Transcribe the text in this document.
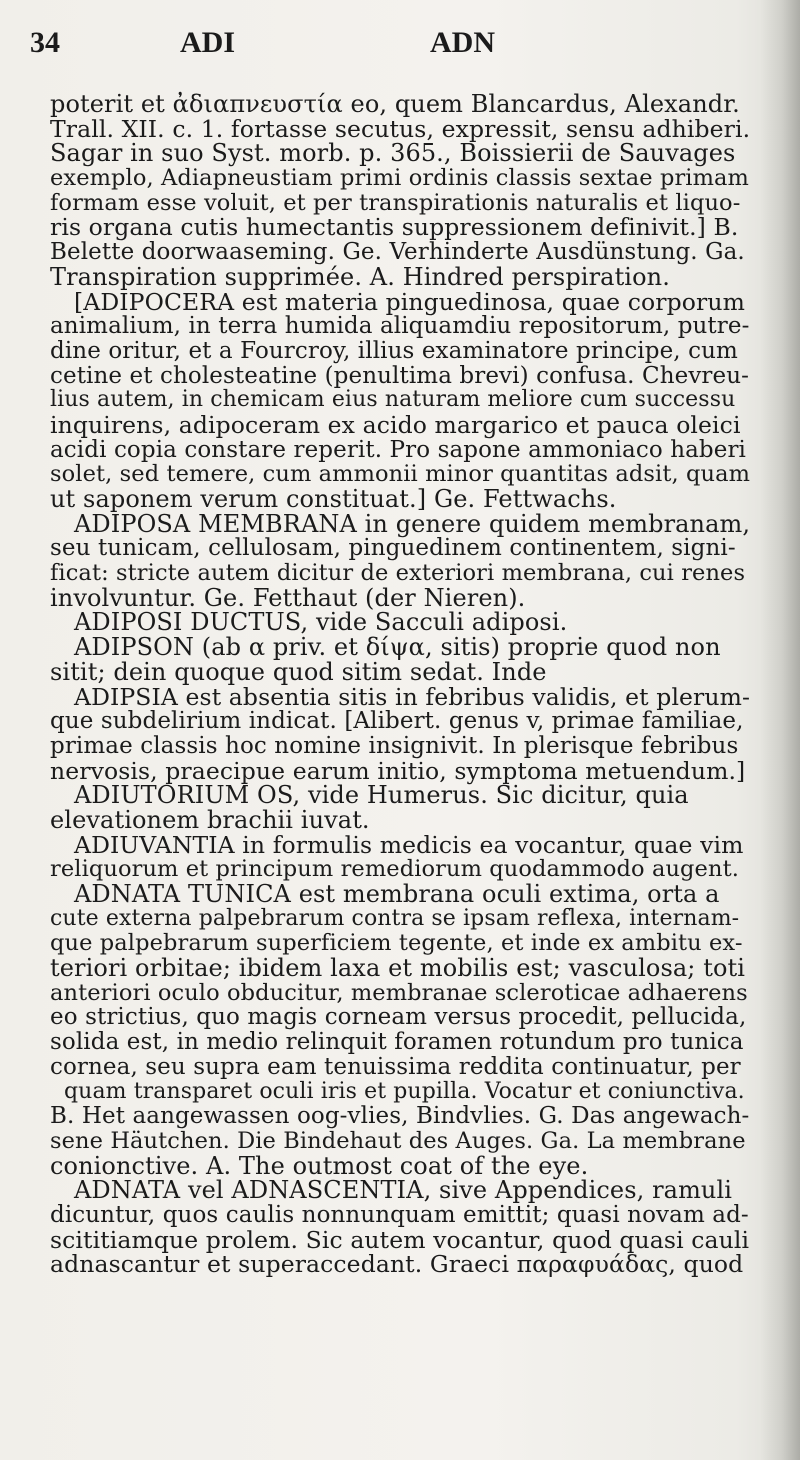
34	ADI	ADN
poterit et ἀδιαπνευστία eo, quem Blancardus, Alexandr.
Trall. XII. c. 1. fortasse secutus, expressit, sensu adhiberi.
Sagar in suo Syst. morb. p. 365., Boissierii de Sauvages
exemplo, Adiapneustiam primi ordinis classis sextae primam
formam esse voluit, et per transpirationis naturalis et liquo-
ris organa cutis humectantis suppressionem definivit.] B.
Belette doorwaaseming. Ge. Verhinderte Ausdünstung. Ga.
Transpiration supprimée. A. Hindred perspiration.
[ADIPOCERA est materia pinguedinosa, quae corporum
animalium, in terra humida aliquamdiu repositorum, putre-
dine oritur, et a Fourcroy, illius examinatore principe, cum
cetine et cholesteatine (penultima brevi) confusa. Chevreu-
lius autem, in chemicam eius naturam meliore cum successu
inquirens, adipoceram ex acido margarico et pauca oleici
acidi copia constare reperit. Pro sapone ammoniaco haberi
solet, sed temere, cum ammonii minor quantitas adsit, quam
ut saponem verum constituat.] Ge. Fettwachs.
ADIPOSA MEMBRANA in genere quidem membranam,
seu tunicam, cellulosam, pinguedinem continentem, signi-
ficat: stricte autem dicitur de exteriori membrana, cui renes
involvuntur. Ge. Fetthaut (der Nieren).
ADIPOSI DUCTUS, vide Sacculi adiposi.
ADIPSON (ab α priv. et δίψα, sitis) proprie quod non
sitit; dein quoque quod sitim sedat. Inde
ADIPSIA est absentia sitis in febribus validis, et plerum-
que subdelirium indicat. [Alibert. genus v, primae familiae,
primae classis hoc nomine insignivit. In plerisque febribus
nervosis, praecipue earum initio, symptoma metuendum.]
ADIUTORIUM OS, vide Humerus. Sic dicitur, quia
elevationem brachii iuvat.
ADIUVANTIA in formulis medicis ea vocantur, quae vim
reliquorum et principum remediorum quodammodo augent.
ADNATA TUNICA est membrana oculi extima, orta a
cute externa palpebrarum contra se ipsam reflexa, internam-
que palpebrarum superficiem tegente, et inde ex ambitu ex-
teriori orbitae; ibidem laxa et mobilis est; vasculosa; toti
anteriori oculo obducitur, membranae scleroticae adhaerens
eo strictius, quo magis corneam versus procedit, pellucida,
solida est, in medio relinquit foramen rotundum pro tunica
cornea, seu supra eam tenuissima reddita continuatur, per
quam transparet oculi iris et pupilla. Vocatur et coniunctiva.
B. Het aangewassen oog-vlies, Bindvlies. G. Das angewach-
sene Häutchen. Die Bindehaut des Auges. Ga. La membrane
conionctive. A. The outmost coat of the eye.
ADNATA vel ADNASCENTIA, sive Appendices, ramuli
dicuntur, quos caulis nonnunquam emittit; quasi novam ad-
scititiamque prolem. Sic autem vocantur, quod quasi cauli
adnascantur et superaccedant. Graeci παραφυάδας, quod
